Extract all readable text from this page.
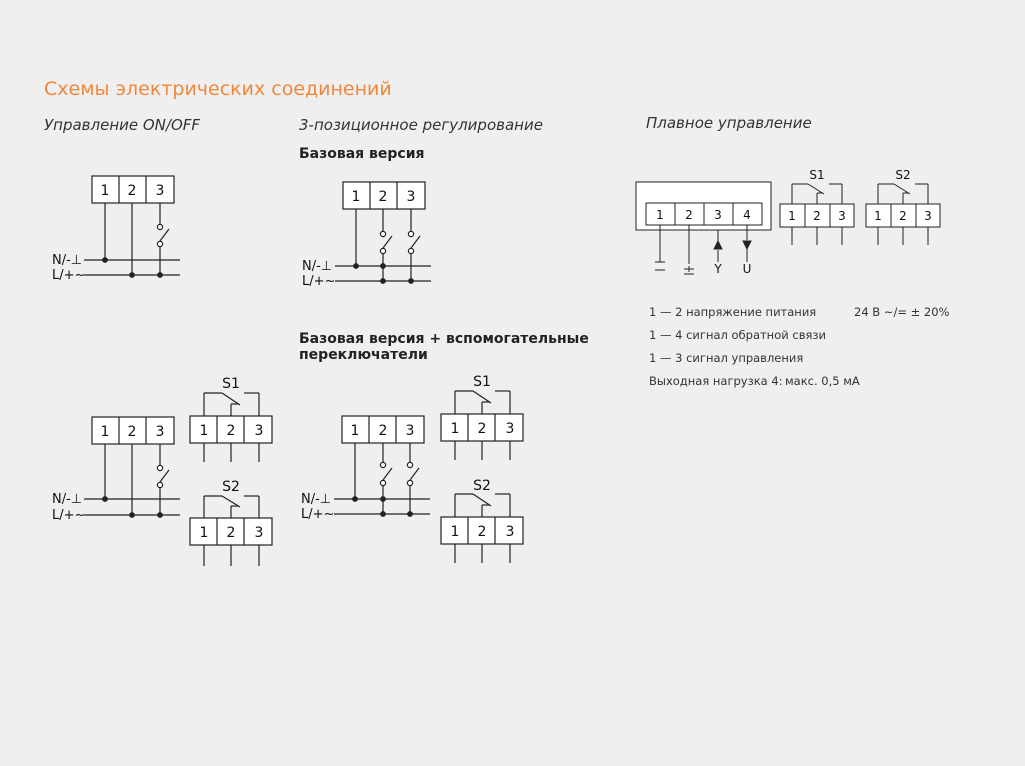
Схемы электрических соединений
Управление ON/OFF	3-позиционное регулирование	Плавное управление
Базовая версия
Базовая версия + вспомогательные
переключатели
1 2 3	1 2 3
1 2 3	1 2 3
1 2 3
S1
S2
1 2 3	1 2 3
1 2 3
S1
S2
N/-⊥
L/+~
N/-⊥
L/+~
N/-⊥
L/+~
N/-⊥
L/+~
1 2 3 4	1 2 3 1 2 3
S1	S2
Y U
1 — 2 напряжение питания	24 В ~/= ± 20%
1 — 4 сигнал обратной связи
1 — 3 сигнал управления
Выходная нагрузка 4: макс. 0,5 мA
